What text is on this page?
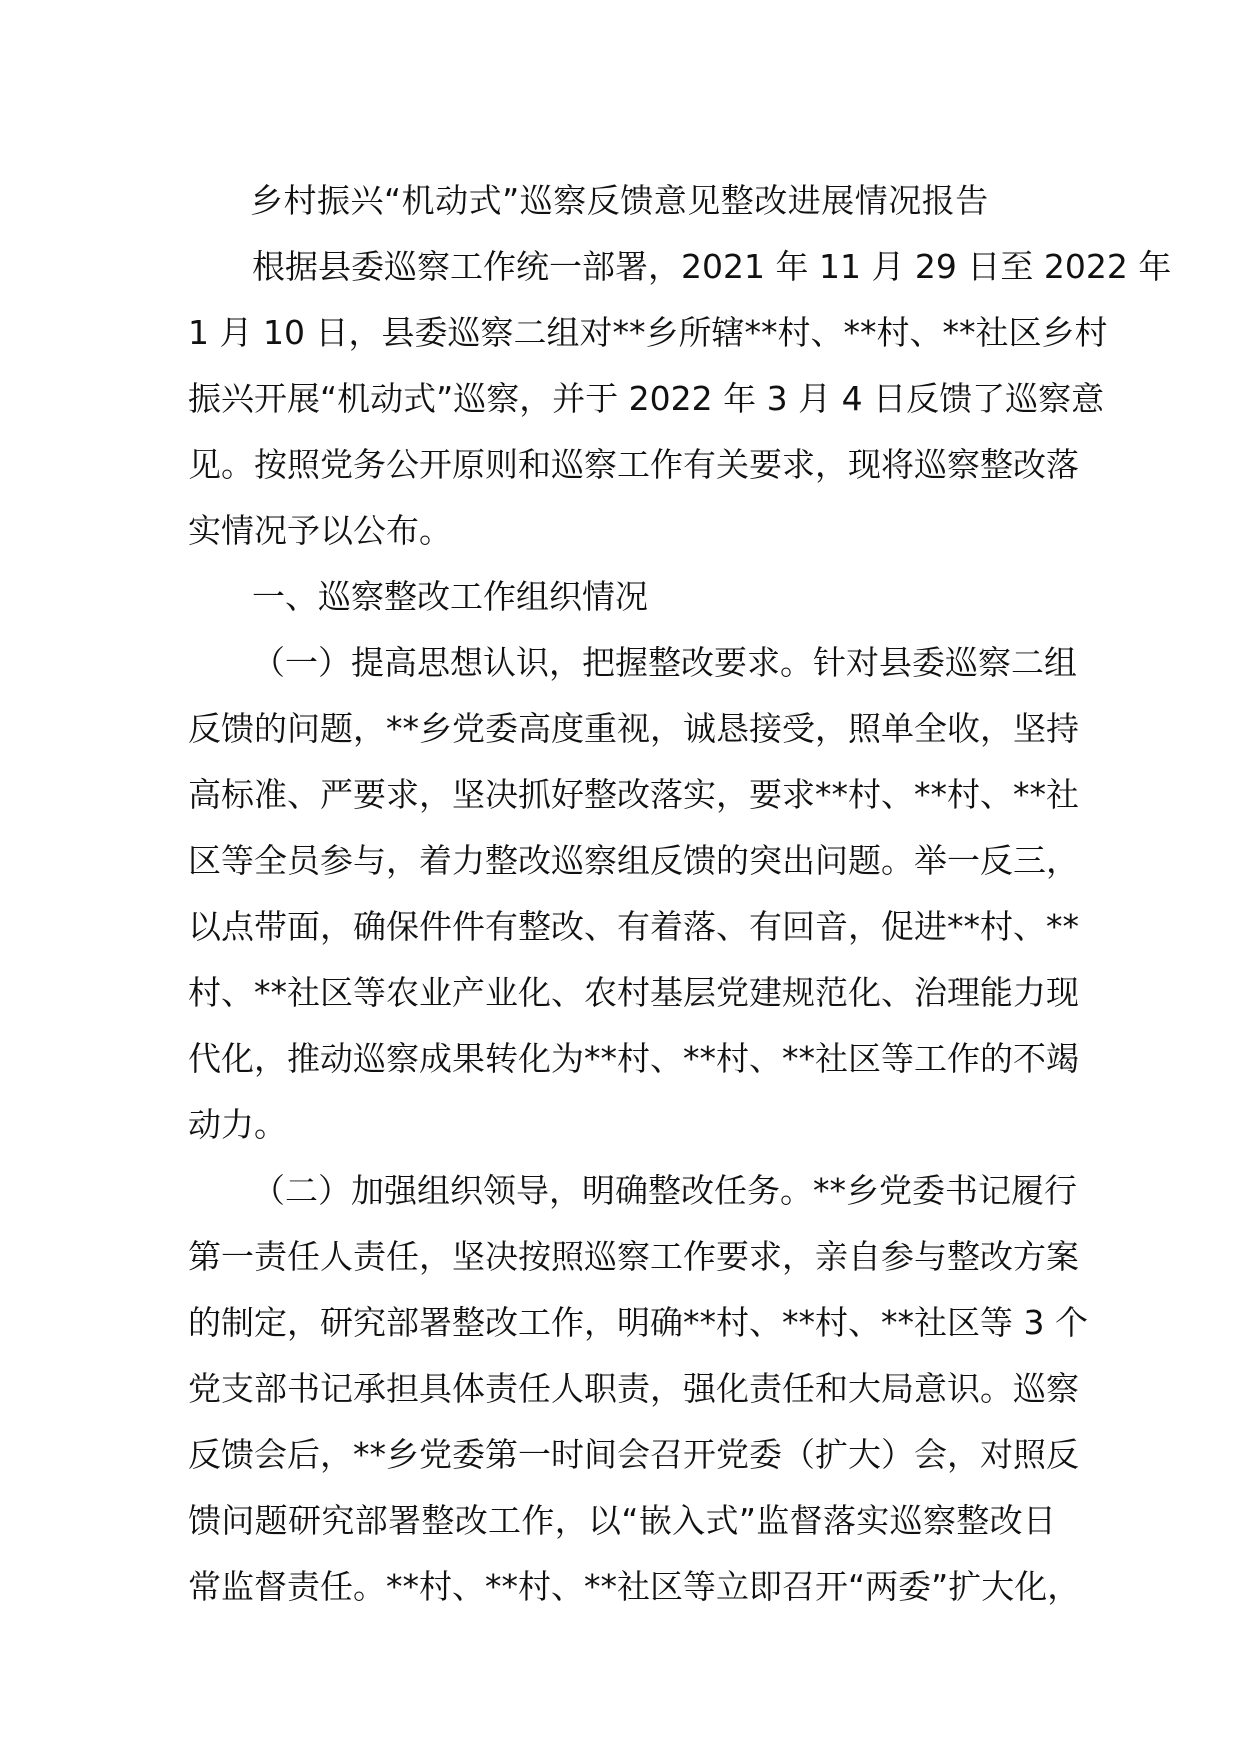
乡村振兴“机动式”巡察反馈意见整改进展情况报告
根据县委巡察工作统一部署，2021 年 11 月 29 日至 2022 年
1 月 10 日，县委巡察二组对**乡所辖**村、**村、**社区乡村
振兴开展“机动式”巡察，并于 2022 年 3 月 4 日反馈了巡察意
见。按照党务公开原则和巡察工作有关要求，现将巡察整改落
实情况予以公布。
一、巡察整改工作组织情况
（一）提高思想认识，把握整改要求。针对县委巡察二组
反馈的问题，**乡党委高度重视，诚恳接受，照单全收，坚持
高标准、严要求，坚决抓好整改落实，要求**村、**村、**社
区等全员参与，着力整改巡察组反馈的突出问题。举一反三，
以点带面，确保件件有整改、有着落、有回音，促进**村、**
村、**社区等农业产业化、农村基层党建规范化、治理能力现
代化，推动巡察成果转化为**村、**村、**社区等工作的不竭
动力。
（二）加强组织领导，明确整改任务。**乡党委书记履行
第一责任人责任，坚决按照巡察工作要求，亲自参与整改方案
的制定，研究部署整改工作，明确**村、**村、**社区等 3 个
党支部书记承担具体责任人职责，强化责任和大局意识。巡察
反馈会后，**乡党委第一时间会召开党委（扩大）会，对照反
馈问题研究部署整改工作，以“嵌入式”监督落实巡察整改日
常监督责任。**村、**村、**社区等立即召开“两委”扩大化，
